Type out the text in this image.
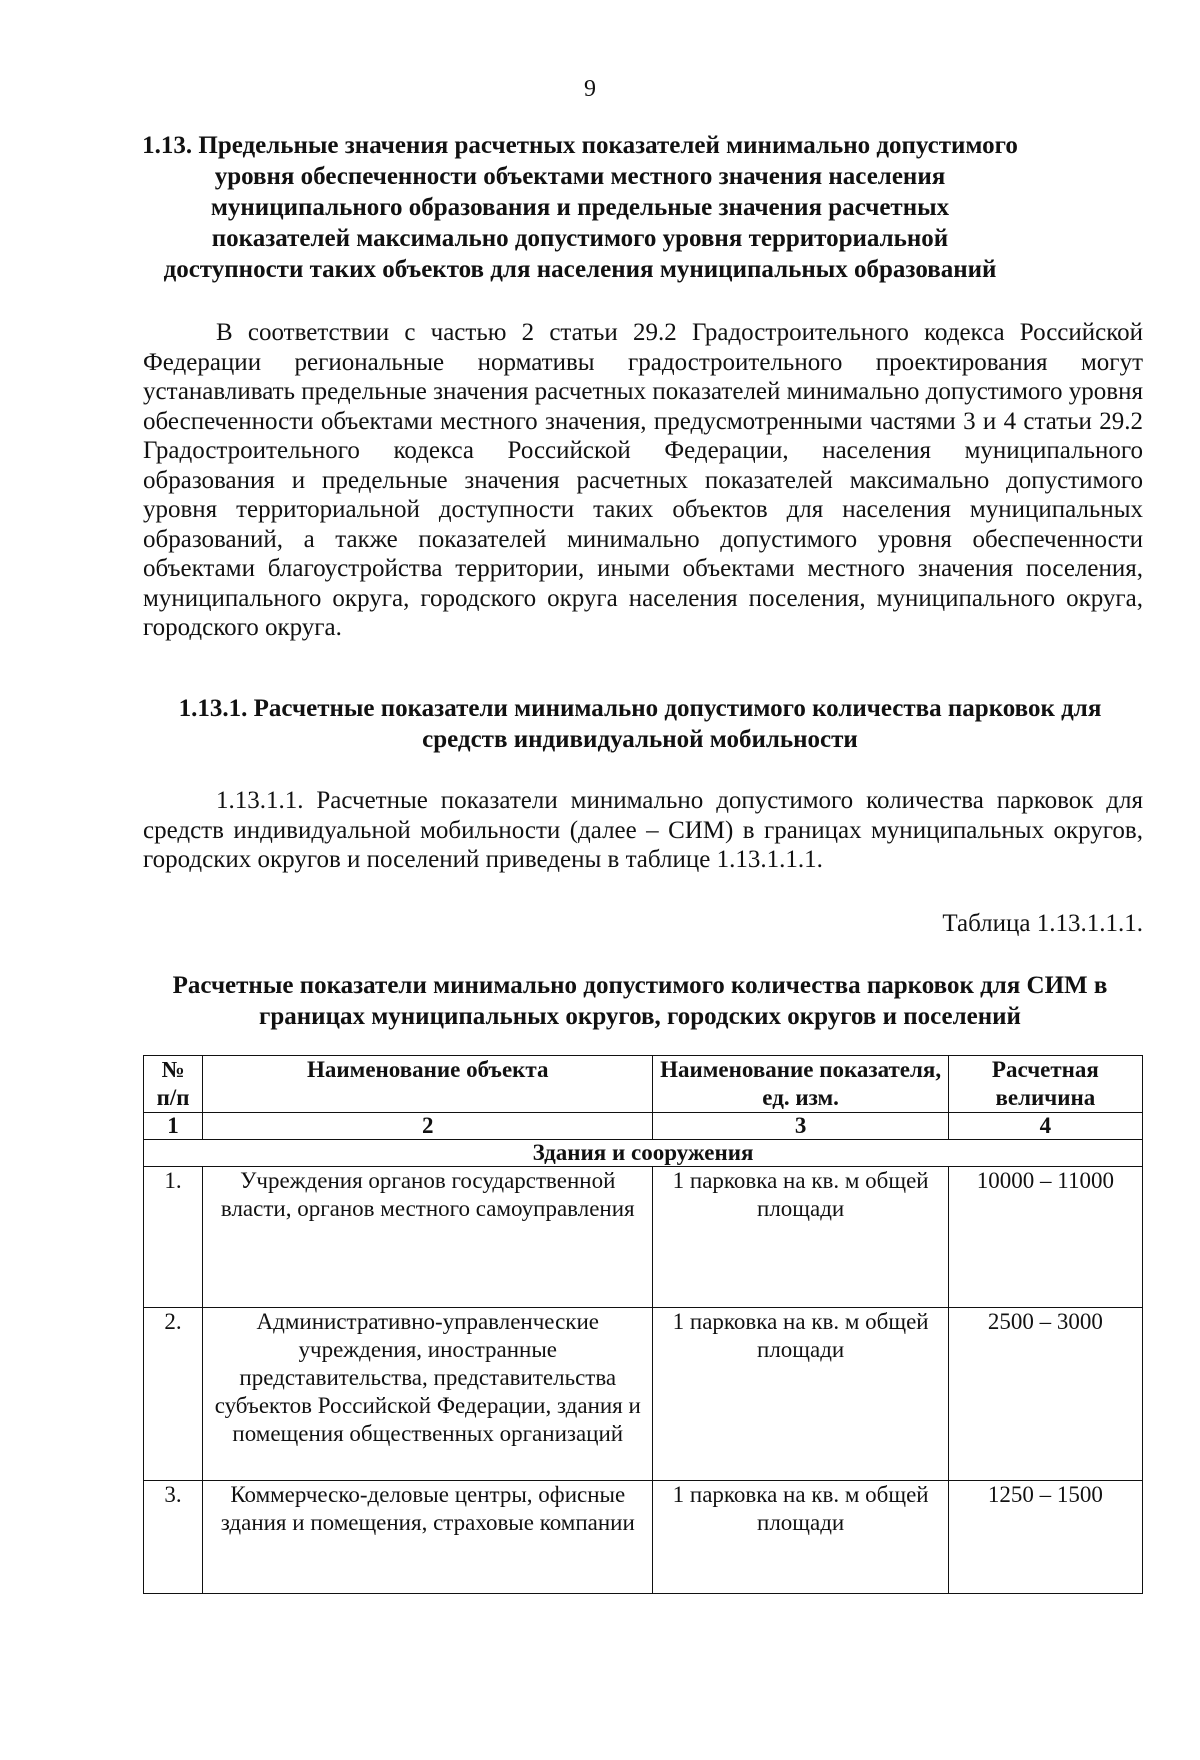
9
1.13. Предельные значения расчетных показателей минимально допустимого уровня обеспеченности объектами местного значения населения муниципального образования и предельные значения расчетных показателей максимально допустимого уровня территориальной доступности таких объектов для населения муниципальных образований
В соответствии с частью 2 статьи 29.2 Градостроительного кодекса Российской Федерации региональные нормативы градостроительного проектирования могут устанавливать предельные значения расчетных показателей минимально допустимого уровня обеспеченности объектами местного значения, предусмотренными частями 3 и 4 статьи 29.2 Градостроительного кодекса Российской Федерации, населения муниципального образования и предельные значения расчетных показателей максимально допустимого уровня территориальной доступности таких объектов для населения муниципальных образований, а также показателей минимально допустимого уровня обеспеченности объектами благоустройства территории, иными объектами местного значения поселения, муниципального округа, городского округа населения поселения, муниципального округа, городского округа.
1.13.1. Расчетные показатели минимально допустимого количества парковок для средств индивидуальной мобильности
1.13.1.1. Расчетные показатели минимально допустимого количества парковок для средств индивидуальной мобильности (далее – СИМ) в границах муниципальных округов, городских округов и поселений приведены в таблице 1.13.1.1.1.
Таблица 1.13.1.1.1.
Расчетные показатели минимально допустимого количества парковок для СИМ в границах муниципальных округов, городских округов и поселений
№ п/п	Наименование объекта	Наименование показателя, ед. изм.	Расчетная величина
1	2	3	4
Здания и сооружения			
1.	Учреждения органов государственной власти, органов местного самоуправления	1 парковка на кв. м общей площади	10000 – 11000
2.	Административно-управленческие учреждения, иностранные представительства, представительства субъектов Российской Федерации, здания и помещения общественных организаций	1 парковка на кв. м общей площади	2500 – 3000
3.	Коммерческо-деловые центры, офисные здания и помещения, страховые компании	1 парковка на кв. м общей площади	1250 – 1500
